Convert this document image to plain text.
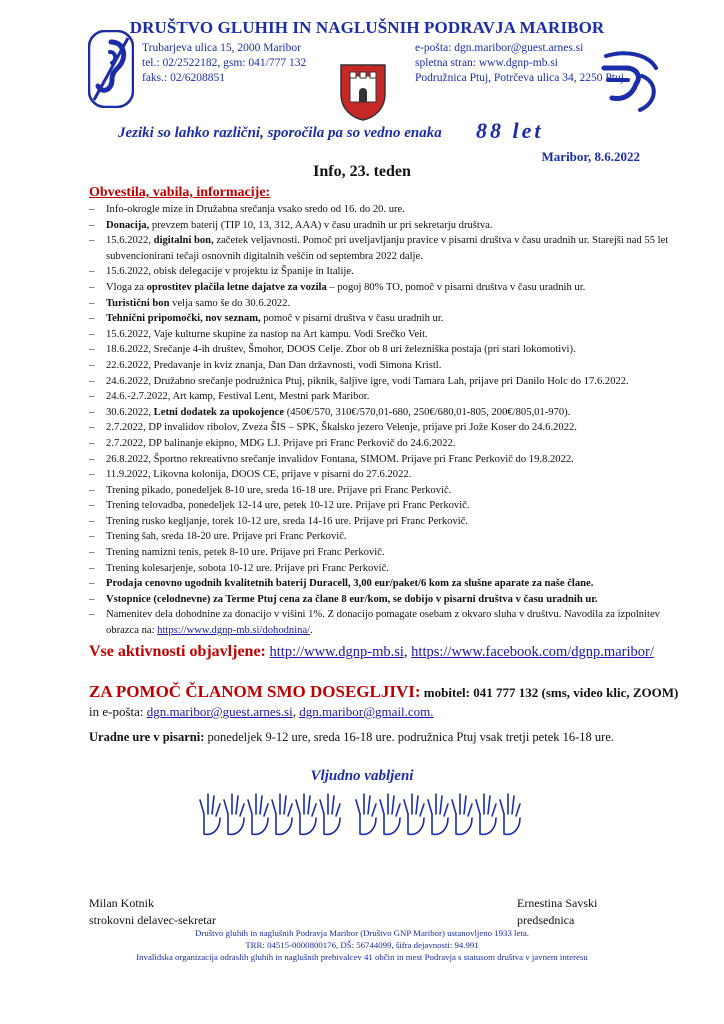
DRUŠTVO GLUHIH IN NAGLUŠNIH PODRAVJA MARIBOR
Trubarjeva ulica 15, 2000 Maribor
tel.: 02/2522182, gsm: 041/777 132
faks.: 02/6208851
e-pošta: dgn.maribor@guest.arnes.si
spletna stran: www.dgnp-mb.si
Podružnica Ptuj, Potrčeva ulica 34, 2250 Ptuj
Jeziki so lahko različni, sporočila pa so vedno enaka 88 let
Maribor, 8.6.2022
Info, 23. teden
Obvestila, vabila, informacije:
– Info-okrogle mize in Družabna srečanja vsako sredo od 16. do 20. ure.
– Donacija, prevzem baterij (TIP 10, 13, 312, AAA) v času uradnih ur pri sekretarju društva.
– 15.6.2022, digitalni bon, začetek veljavnosti. Pomoč pri uveljavljanju pravice v pisarni društva v času uradnih ur. Starejši nad 55 let subvencionirani tečaji osnovnih digitalnih veščin od septembra 2022 dalje.
– 15.6.2022, obisk delegacije v projektu iz Španije in Italije.
– Vloga za oprostitev plačila letne dajatve za vozila – pogoj 80% TO, pomoč v pisarni društva v času uradnih ur.
– Turistični bon velja samo še do 30.6.2022.
– Tehnični pripomočki, nov seznam, pomoč v pisarni društva v času uradnih ur.
– 15.6.2022, Vaje kulturne skupine za nastop na Art kampu. Vodi Srečko Veit.
– 18.6.2022, Srečanje 4-ih društev, Šmohor, DOOS Celje. Zbor ob 8 uri železniška postaja (pri stari lokomotivi).
– 22.6.2022, Predavanje in kviz znanja, Dan Dan državnosti, vodi Simona Kristl.
– 24.6.2022, Družabno srečanje podružnica Ptuj, piknik, šaljive igre, vodi Tamara Lah, prijave pri Danilo Holc do 17.6.2022.
– 24.6.-2.7.2022, Art kamp, Festival Lent, Mestni park Maribor.
– 30.6.2022, Letni dodatek za upokojence (450€/570, 310€/570,01-680, 250€/680,01-805, 200€/805,01-970).
– 2.7.2022, DP invalidov ribolov, Zveza ŠIS – SPK, Škalsko jezero Velenje, prijave pri Jože Koser do 24.6.2022.
– 2.7.2022, DP balinanje ekipno, MDG LJ. Prijave pri Franc Perkovič do 24.6.2022.
– 26.8.2022, Športno rekreativno srečanje invalidov Fontana, SIMOM. Prijave pri Franc Perkovič do 19.8.2022.
– 11.9.2022, Likovna kolonija, DOOS CE, prijave v pisarni do 27.6.2022.
– Trening pikado, ponedeljek 8-10 ure, sreda 16-18 ure. Prijave pri Franc Perkovič.
– Trening telovadba, ponedeljek 12-14 ure, petek 10-12 ure. Prijave pri Franc Perkovič.
– Trening rusko kegljanje, torek 10-12 ure, sreda 14-16 ure. Prijave pri Franc Perkovič.
– Trening šah, sreda 18-20 ure. Prijave pri Franc Perkovič.
– Trening namizni tenis, petek 8-10 ure. Prijave pri Franc Perkovič.
– Trening kolesarjenje, sobota 10-12 ure. Prijave pri Franc Perkovič.
– Prodaja cenovno ugodnih kvalitetnih baterij Duracell, 3,00 eur/paket/6 kom za slušne aparate za naše člane.
– Vstopnice (celodnevne) za Terme Ptuj cena za člane 8 eur/kom, se dobijo v pisarni društva v času uradnih ur.
– Namenitev dela dohodnine za donacijo v višini 1%. Z donacijo pomagate osebam z okvaro sluha v društvu. Navodila za izpolnitev obrazca na: https://www.dgnp-mb.si/dohodnina/.
Vse aktivnosti objavljene: http://www.dgnp-mb.si, https://www.facebook.com/dgnp.maribor/
ZA POMOČ ČLANOM SMO DOSEGLJIVI: mobitel: 041 777 132 (sms, video klic, ZOOM) in e-pošta: dgn.maribor@guest.arnes.si, dgn.maribor@gmail.com.
Uradne ure v pisarni: ponedeljek 9-12 ure, sreda 16-18 ure. podružnica Ptuj vsak tretji petek 16-18 ure.
Vljudno vabljeni
Milan Kotnik
strokovni delavec-sekretar
Ernestina Savski
predsednica
Društvo gluhih in naglušnih Podravja Maribor (Društvo GNP Maribor) ustanovljeno 1933 leta.
TRR: 04515-0000800176, DŠ: 56744099, šifra dejavnosti: 94.991
Invalidska organizacija odraslih gluhih in naglušnih prebivalcev 41 občin in mest Podravja s statusom društva v javnem interesu
